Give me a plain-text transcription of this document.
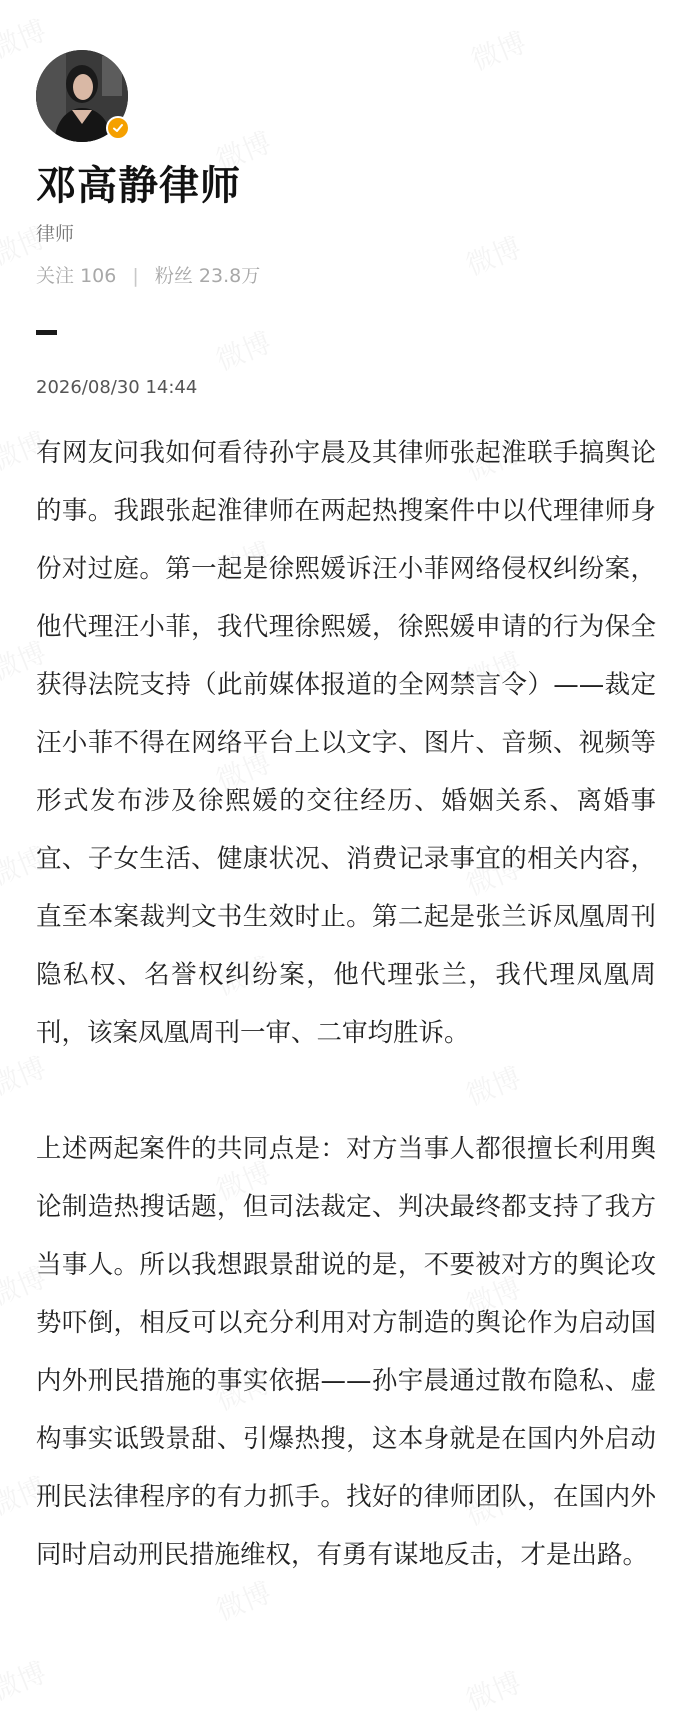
邓高静律师
律师
关注 106 | 粉丝 23.8万
2026/08/30 14:44

有网友问我如何看待孙宇晨及其律师张起淮联手搞舆论的事。我跟张起淮律师在两起热搜案件中以代理律师身份对过庭。第一起是徐熙媛诉汪小菲网络侵权纠纷案，他代理汪小菲，我代理徐熙媛，徐熙媛申请的行为保全获得法院支持（此前媒体报道的全网禁言令）——裁定汪小菲不得在网络平台上以文字、图片、音频、视频等形式发布涉及徐熙媛的交往经历、婚姻关系、离婚事宜、子女生活、健康状况、消费记录事宜的相关内容，直至本案裁判文书生效时止。第二起是张兰诉凤凰周刊隐私权、名誉权纠纷案，他代理张兰，我代理凤凰周刊，该案凤凰周刊一审、二审均胜诉。

上述两起案件的共同点是：对方当事人都很擅长利用舆论制造热搜话题，但司法裁定、判决最终都支持了我方当事人。所以我想跟景甜说的是，不要被对方的舆论攻势吓倒，相反可以充分利用对方制造的舆论作为启动国内外刑民措施的事实依据——孙宇晨通过散布隐私、虚构事实诋毁景甜、引爆热搜，这本身就是在国内外启动刑民法律程序的有力抓手。找好的律师团队，在国内外同时启动刑民措施维权，有勇有谋地反击，才是出路。
